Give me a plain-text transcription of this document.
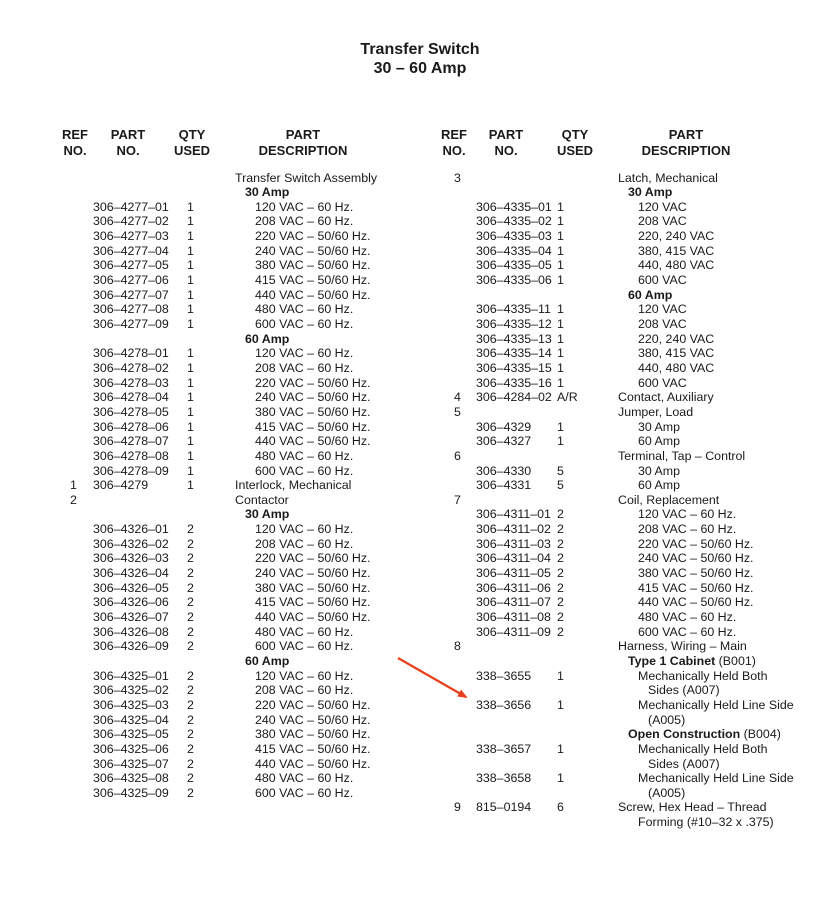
Transfer Switch
30 – 60 Amp
REF
NO.
PART
NO.
QTY
USED
PART
DESCRIPTION
REF
NO.
PART
NO.
QTY
USED
PART
DESCRIPTION
Transfer Switch Assembly
30 Amp
306–4277–01 1	120 VAC – 60 Hz.
306–4277–02 1	208 VAC – 60 Hz.
306–4277–03 1	220 VAC – 50/60 Hz.
306–4277–04 1	240 VAC – 50/60 Hz.
306–4277–05 1	380 VAC – 50/60 Hz.
306–4277–06 1	415 VAC – 50/60 Hz.
306–4277–07 1	440 VAC – 50/60 Hz.
306–4277–08 1	480 VAC – 60 Hz.
306–4277–09 1	600 VAC – 60 Hz.
60 Amp
306–4278–01 1	120 VAC – 60 Hz.
306–4278–02 1	208 VAC – 60 Hz.
306–4278–03 1	220 VAC – 50/60 Hz.
306–4278–04 1	240 VAC – 50/60 Hz.
306–4278–05 1	380 VAC – 50/60 Hz.
306–4278–06 1	415 VAC – 50/60 Hz.
306–4278–07 1	440 VAC – 50/60 Hz.
306–4278–08 1	480 VAC – 60 Hz.
306–4278–09 1	600 VAC – 60 Hz.
1 306–4279	1	Interlock, Mechanical
2	Contactor
30 Amp
306–4326–01 2	120 VAC – 60 Hz.
306–4326–02 2	208 VAC – 60 Hz.
306–4326–03 2	220 VAC – 50/60 Hz.
306–4326–04 2	240 VAC – 50/60 Hz.
306–4326–05 2	380 VAC – 50/60 Hz.
306–4326–06 2	415 VAC – 50/60 Hz.
306–4326–07 2	440 VAC – 50/60 Hz.
306–4326–08 2	480 VAC – 60 Hz.
306–4326–09 2	600 VAC – 60 Hz.
60 Amp
306–4325–01 2	120 VAC – 60 Hz.
306–4325–02 2	208 VAC – 60 Hz.
306–4325–03 2	220 VAC – 50/60 Hz.
306–4325–04 2	240 VAC – 50/60 Hz.
306–4325–05 2	380 VAC – 50/60 Hz.
306–4325–06 2	415 VAC – 50/60 Hz.
306–4325–07 2	440 VAC – 50/60 Hz.
306–4325–08 2	480 VAC – 60 Hz.
306–4325–09 2	600 VAC – 60 Hz.
3	Latch, Mechanical
30 Amp
306–4335–01 1	120 VAC
306–4335–02 1	208 VAC
306–4335–03 1	220, 240 VAC
306–4335–04 1	380, 415 VAC
306–4335–05 1	440, 480 VAC
306–4335–06 1	600 VAC
60 Amp
306–4335–11 1	120 VAC
306–4335–12 1	208 VAC
306–4335–13 1	220, 240 VAC
306–4335–14 1	380, 415 VAC
306–4335–15 1	440, 480 VAC
306–4335–16 1	600 VAC
4 306–4284–02 A/R	Contact, Auxiliary
5	Jumper, Load
306–4329 1	30 Amp
306–4327 1	60 Amp
6	Terminal, Tap – Control
306–4330 5	30 Amp
306–4331 5	60 Amp
7	Coil, Replacement
306–4311–01 2	120 VAC – 60 Hz.
306–4311–02 2	208 VAC – 60 Hz.
306–4311–03 2	220 VAC – 50/60 Hz.
306–4311–04 2	240 VAC – 50/60 Hz.
306–4311–05 2	380 VAC – 50/60 Hz.
306–4311–06 2	415 VAC – 50/60 Hz.
306–4311–07 2	440 VAC – 50/60 Hz.
306–4311–08 2	480 VAC – 60 Hz.
306–4311–09 2	600 VAC – 60 Hz.
8	Harness, Wiring – Main
Type 1 Cabinet (B001)
338–3655 1	Mechanically Held Both
Sides (A007)
338–3656 1	Mechanically Held Line Side
(A005)
Open Construction (B004)
338–3657 1	Mechanically Held Both
Sides (A007)
338–3658 1	Mechanically Held Line Side
(A005)
9 815–0194 6	Screw, Hex Head – Thread
Forming (#10–32 x .375)
